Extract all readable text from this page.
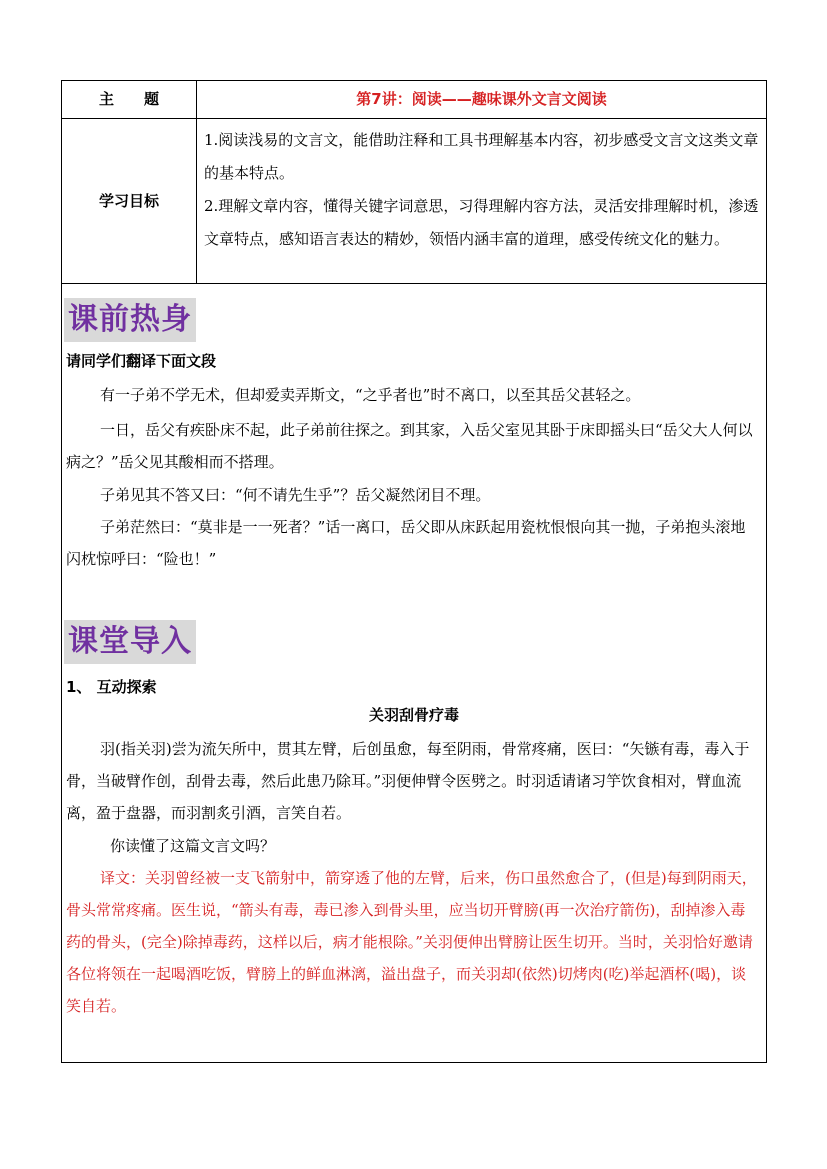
主　　题	第7讲：阅读——趣味课外文言文阅读
学习目标

1.阅读浅易的文言文，能借助注释和工具书理解基本内容，初步感受文言文这类文章的基本特点。

2.理解文章内容，懂得关键字词意思，习得理解内容方法，灵活安排理解时机，渗透文章特点，感知语言表达的精妙，领悟内涵丰富的道理，感受传统文化的魅力。

课前热身
请同学们翻译下面文段

有一子弟不学无术，但却爱卖弄斯文，“之乎者也”时不离口，以至其岳父甚轻之。

一日，岳父有疾卧床不起，此子弟前往探之。到其家，入岳父室见其卧于床即摇头曰“岳父大人何以病之？”岳父见其酸相而不搭理。

子弟见其不答又曰：“何不请先生乎”？岳父凝然闭目不理。

子弟茫然曰：“莫非是一一死者？”话一离口，岳父即从床跃起用瓷枕恨恨向其一抛，子弟抱头滚地闪枕惊呼曰：“险也！”

课堂导入
1、 互动探索
关羽刮骨疗毒

羽(指关羽)尝为流矢所中，贯其左臂，后创虽愈，每至阴雨，骨常疼痛，医曰：“矢镞有毒，毒入于骨，当破臂作创，刮骨去毒，然后此患乃除耳。”羽便伸臂令医劈之。时羽适请诸习竽饮食相对，臂血流离，盈于盘器，而羽割炙引酒，言笑自若。

你读懂了这篇文言文吗？

译文：关羽曾经被一支飞箭射中，箭穿透了他的左臂，后来，伤口虽然愈合了，(但是)每到阴雨天，骨头常常疼痛。医生说，“箭头有毒，毒已渗入到骨头里，应当切开臂膀(再一次治疗箭伤)，刮掉渗入毒药的骨头，(完全)除掉毒药，这样以后，病才能根除。”关羽便伸出臂膀让医生切开。当时，关羽恰好邀请各位将领在一起喝酒吃饭，臂膀上的鲜血淋漓，溢出盘子，而关羽却(依然)切烤肉(吃)举起酒杯(喝)，谈笑自若。
